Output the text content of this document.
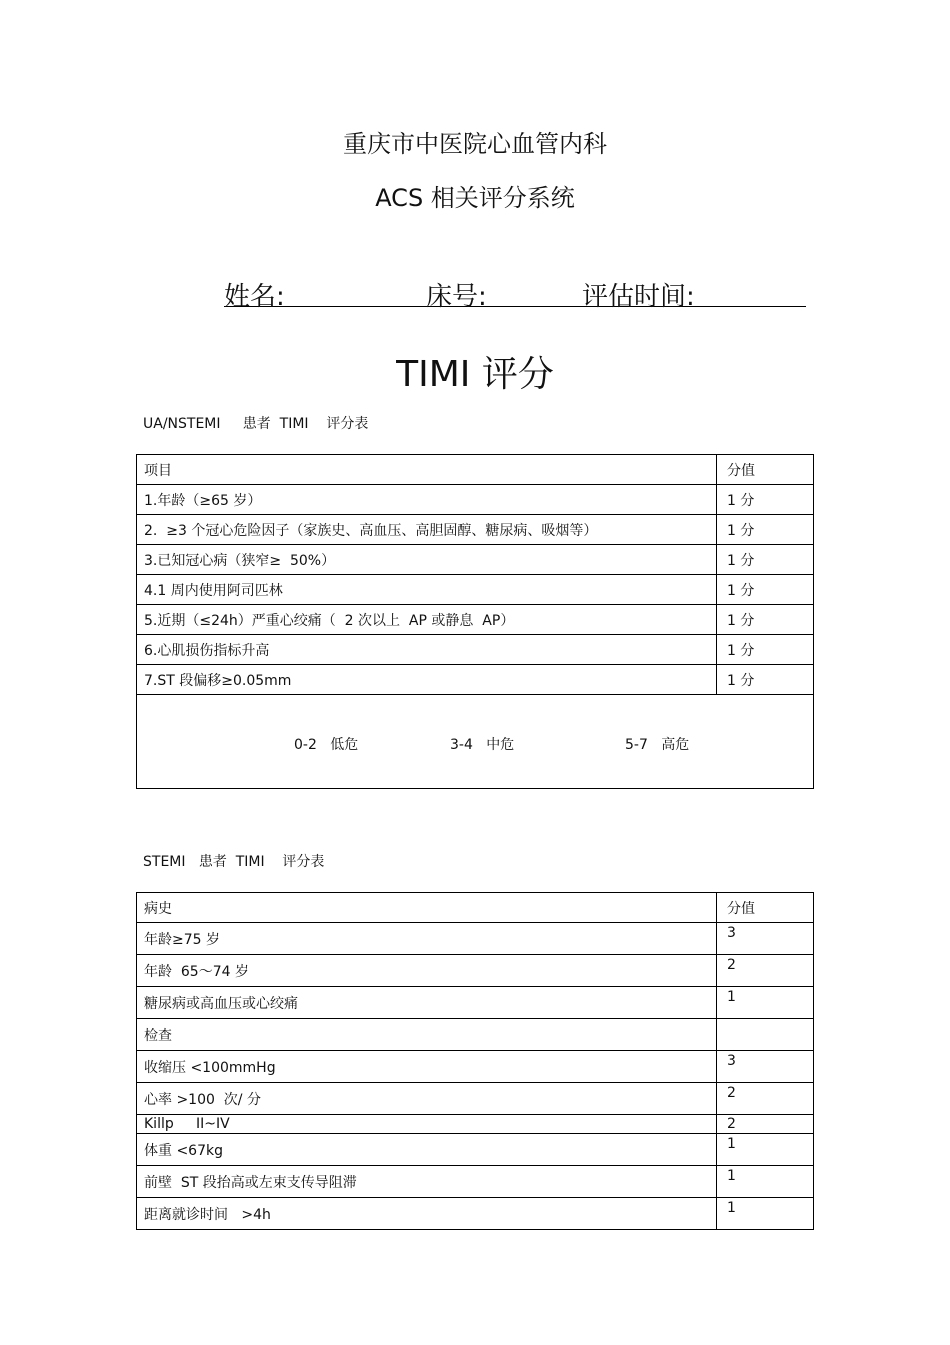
重庆市中医院心血管内科
ACS 相关评分系统
姓名:	床号:	评估时间:
TIMI 评分
UA/NSTEMI     患者  TIMI    评分表
项目	分值
1.年龄（≥65 岁）	1 分
2.  ≥3 个冠心危险因子（家族史、高血压、高胆固醇、糖尿病、吸烟等）	1 分
3.已知冠心病（狭窄≥  50%）	1 分
4.1 周内使用阿司匹林	1 分
5.近期（≤24h）严重心绞痛（  2 次以上  AP 或静息  AP）	1 分
6.心肌损伤指标升高	1 分
7.ST 段偏移≥0.05mm	1 分

0-2   低危

3-4   中危

5-7   高危	

STEMI   患者  TIMI    评分表
病史	分值
年龄≥75 岁	3
年龄  65～74 岁	2
糖尿病或高血压或心绞痛	1
检查	
收缩压 <100mmHg	3
心率 >100  次/ 分	2
Killp     II~IV	2
体重 <67kg	1
前壁  ST 段抬高或左束支传导阻滞	1
距离就诊时间   >4h	1
